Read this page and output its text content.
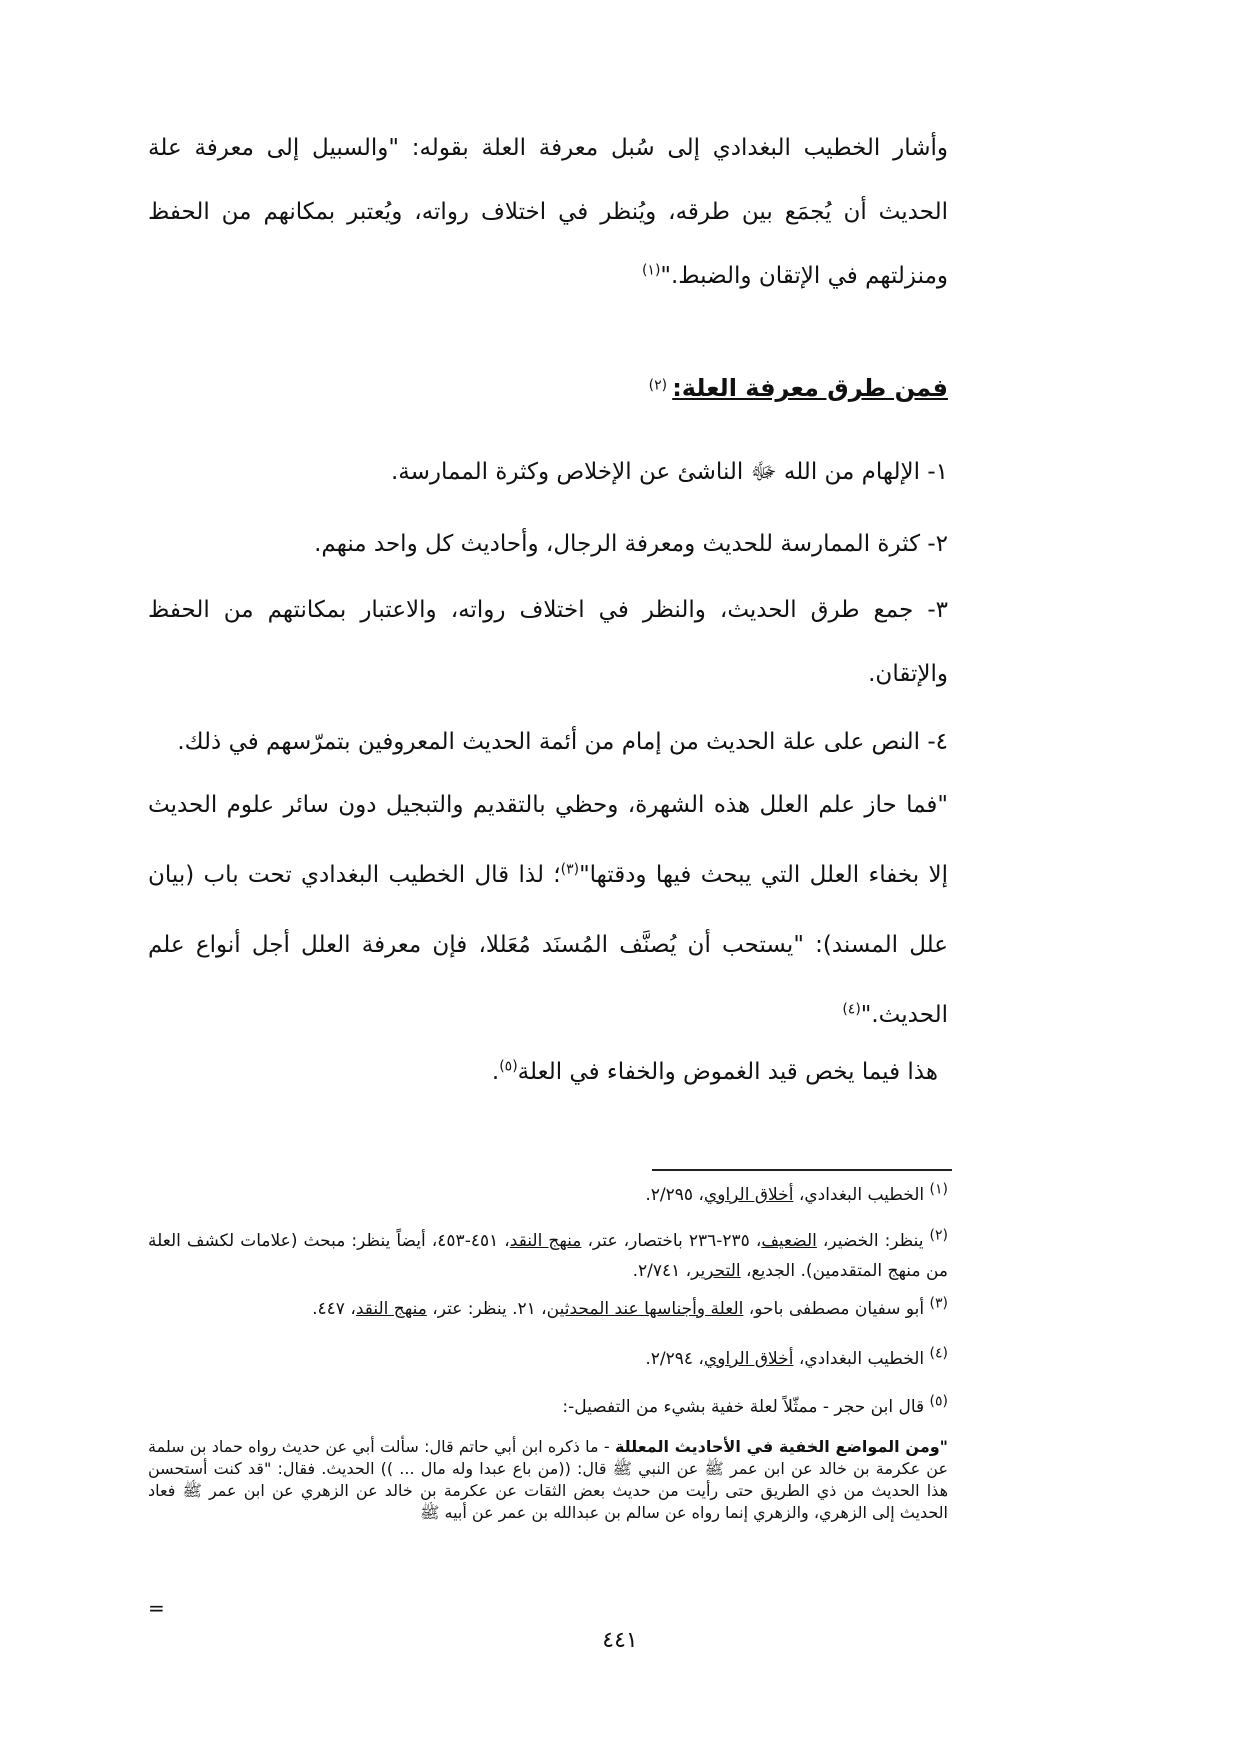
وأشار الخطيب البغدادي إلى سُبل معرفة العلة بقوله: "والسبيل إلى معرفة علة الحديث أن يُجمَع بين طرقه، ويُنظر في اختلاف رواته، ويُعتبر بمكانهم من الحفظ ومنزلتهم في الإتقان والضبط."$^{(١)}$

فمن طرق معرفة العلة: (٢)

١- الإلهام من الله ﷻ الناشئ عن الإخلاص وكثرة الممارسة.

٢- كثرة الممارسة للحديث ومعرفة الرجال، وأحاديث كل واحد منهم.

٣- جمع طرق الحديث، والنظر في اختلاف رواته، والاعتبار بمكانتهم من الحفظ والإتقان.

٤- النص على علة الحديث من إمام من أئمة الحديث المعروفين بتمرّسهم في ذلك.

"فما حاز علم العلل هذه الشهرة، وحظي بالتقديم والتبجيل دون سائر علوم الحديث إلا بخفاء العلل التي يبحث فيها ودقتها"$^{(٣)}$؛ لذا قال الخطيب البغدادي تحت باب (بيان علل المسند): "يستحب أن يُصنَّف المُسنَد مُعَللا، فإن معرفة العلل أجل أنواع علم الحديث."$^{(٤)}$

هذا فيما يخص قيد الغموض والخفاء في العلة$^{(٥)}$.

$^{(١)}$ الخطيب البغدادي، أخلاق الراوي، ٢/٢٩٥.

$^{(٢)}$ ينظر: الخضير، الضعيف، ٢٣٥-٢٣٦ باختصار، عتر، منهج النقد، ٤٥١-٤٥٣، أيضاً ينظر: مبحث (علامات لكشف العلة من منهج المتقدمين). الجديع، التحرير، ٢/٧٤١.

$^{(٣)}$ أبو سفيان مصطفى باحو، العلة وأجناسها عند المحدثين، ٢١. ينظر: عتر، منهج النقد، ٤٤٧.

$^{(٤)}$ الخطيب البغدادي، أخلاق الراوي، ٢/٢٩٤.

$^{(٥)}$ قال ابن حجر - ممثّلاً لعلة خفية بشيء من التفصيل-:

"ومن المواضع الخفية في الأحاديث المعللة - ما ذكره ابن أبي حاتم قال: سألت أبي عن حديث رواه حماد بن سلمة عن عكرمة بن خالد عن ابن عمر ﷺ عن النبي ﷺ قال: ((من باع عبدا وله مال ... )) الحديث. فقال: "قد كنت أستحسن هذا الحديث من ذي الطريق حتى رأيت من حديث بعض الثقات عن عكرمة بن خالد عن الزهري عن ابن عمر ﷺ فعاد الحديث إلى الزهري، والزهري إنما رواه عن سالم بن عبدالله بن عمر عن أبيه ﷺ

=
٤٤١
